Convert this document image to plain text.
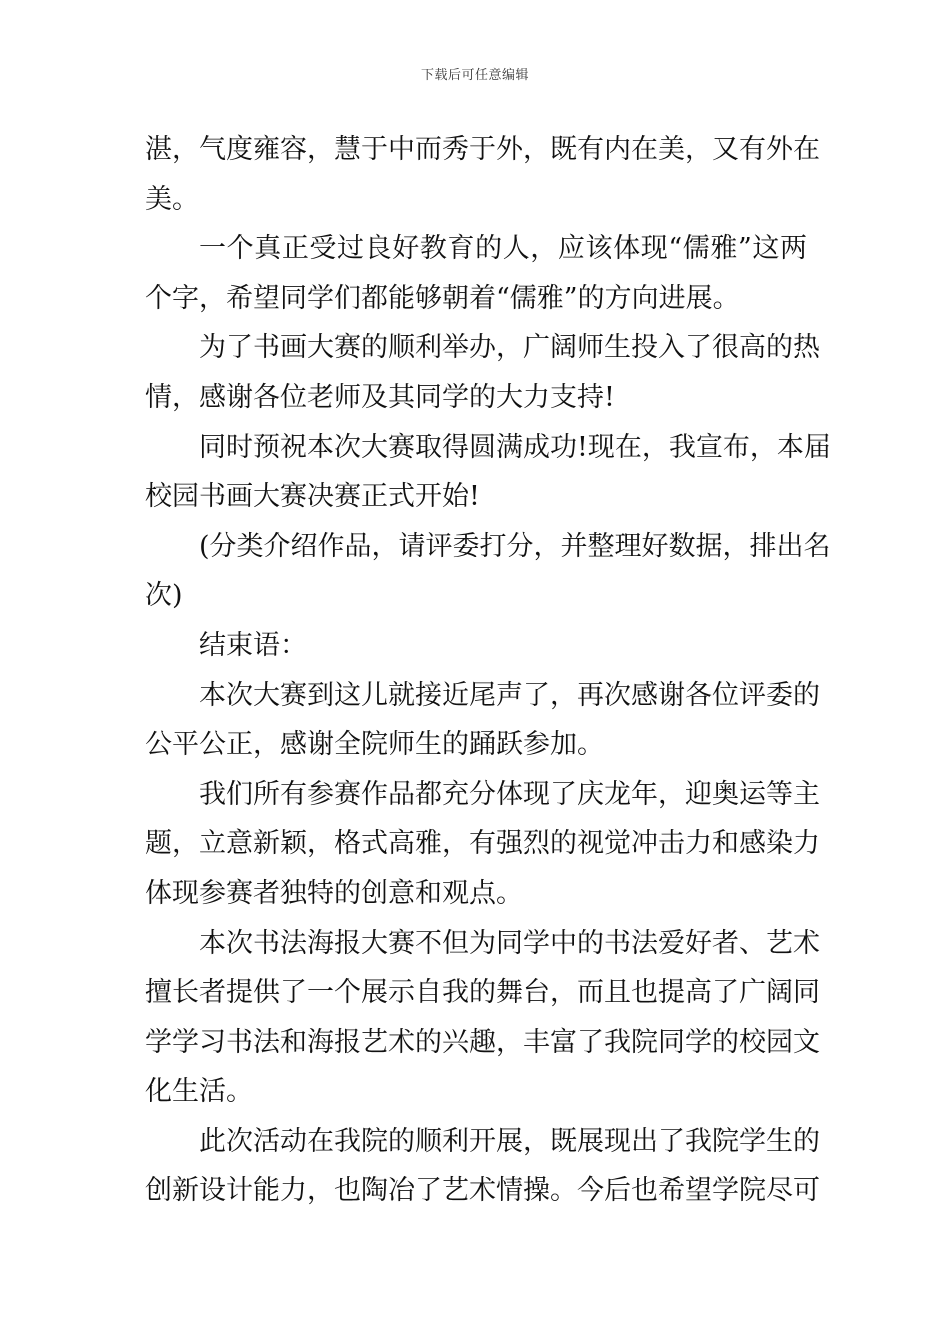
下载后可任意编辑
湛，气度雍容，慧于中而秀于外，既有内在美，又有外在
美。
一个真正受过良好教育的人，应该体现“儒雅”这两
个字，希望同学们都能够朝着“儒雅”的方向进展。
为了书画大赛的顺利举办，广阔师生投入了很高的热
情，感谢各位老师及其同学的大力支持!
同时预祝本次大赛取得圆满成功!现在，我宣布，本届
校园书画大赛决赛正式开始!
(分类介绍作品，请评委打分，并整理好数据，排出名
次)
结束语：
本次大赛到这儿就接近尾声了，再次感谢各位评委的
公平公正，感谢全院师生的踊跃参加。
我们所有参赛作品都充分体现了庆龙年，迎奥运等主
题，立意新颖，格式高雅，有强烈的视觉冲击力和感染力
体现参赛者独特的创意和观点。
本次书法海报大赛不但为同学中的书法爱好者、艺术
擅长者提供了一个展示自我的舞台，而且也提高了广阔同
学学习书法和海报艺术的兴趣，丰富了我院同学的校园文
化生活。
此次活动在我院的顺利开展，既展现出了我院学生的
创新设计能力，也陶冶了艺术情操。今后也希望学院尽可
